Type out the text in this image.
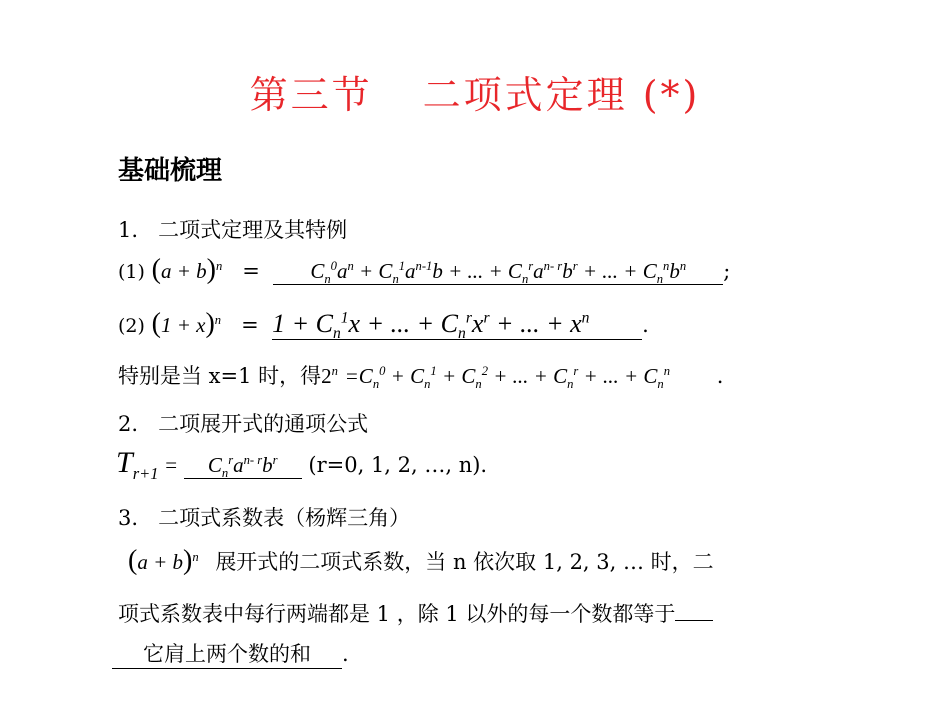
第三节 二项式定理 (*)
基础梳理
1. 二项式定理及其特例
(1) $(a + b)^n = C_n^0a^n + C_n^1a^{n-1}b$ + ... + $C_n^ra^{n- r}b^r$ + ... + $C_n^nb^n$ ;
(2) $(1 + x)^n = 1 + C_n^1x$ + ... + $C_n^rx^r$ + ... + $x^n$	.
特别是当 x=1 时，得$2^n =C_n^0 + C_n^1 + C_n^2$ + ... + $C_n^r$ + ... + $C_n^n$ .
2. 二项展开式的通项公式
$T_{r+1} = C_n^ra^{n- r}b^r$ (r=0, 1, 2, …, n).
3. 二项式系数表（杨辉三角）
$(a + b)^n$ 展开式的二项式系数，当 n 依次取 1, 2, 3, … 时，二
项式系数表中每行两端都是 1 ，除 1 以外的每一个数都等于
它肩上两个数的和 .
